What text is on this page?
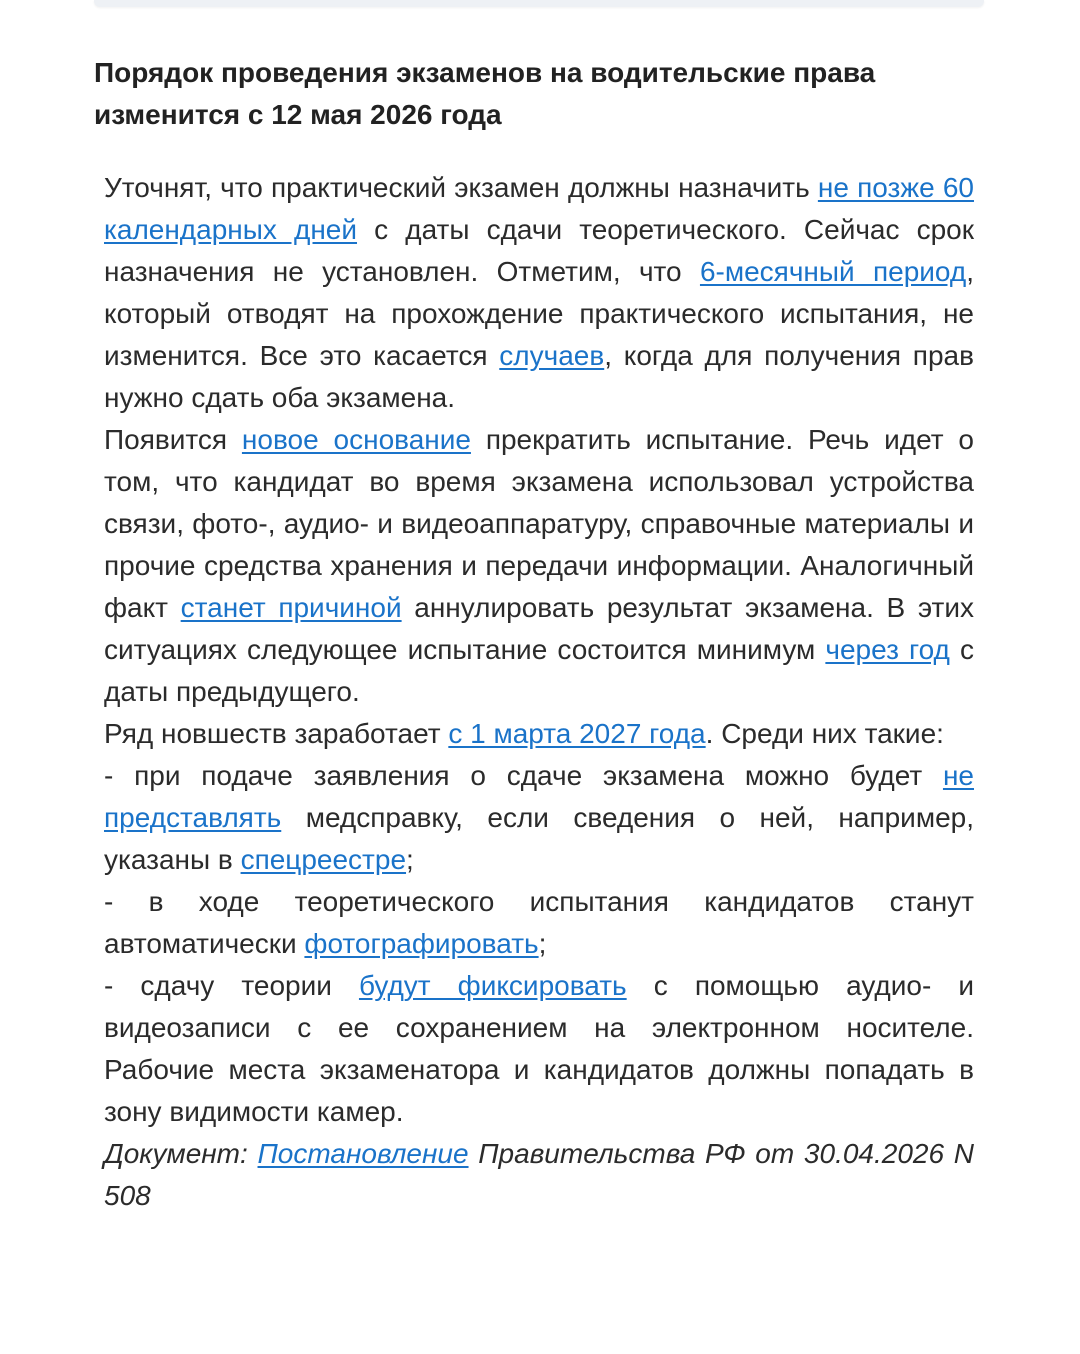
Порядок проведения экзаменов на водительские права изменится с 12 мая 2026 года

Уточнят, что практический экзамен должны назначить не позже 60 календарных дней с даты сдачи теоретического. Сейчас срок назначения не установлен. Отметим, что 6-месячный период, который отводят на прохождение практического испытания, не изменится. Все это касается случаев, когда для получения прав нужно сдать оба экзамена.

Появится новое основание прекратить испытание. Речь идет о том, что кандидат во время экзамена использовал устройства связи, фото-, аудио- и видеоаппаратуру, справочные материалы и прочие средства хранения и передачи информации. Аналогичный факт станет причиной аннулировать результат экзамена. В этих ситуациях следующее испытание состоится минимум через год с даты предыдущего.

Ряд новшеств заработает с 1 марта 2027 года. Среди них такие:

- при подаче заявления о сдаче экзамена можно будет не представлять медсправку, если сведения о ней, например, указаны в спецреестре;

- в ходе теоретического испытания кандидатов станут автоматически фотографировать;

- сдачу теории будут фиксировать с помощью аудио- и видеозаписи с ее сохранением на электронном носителе. Рабочие места экзаменатора и кандидатов должны попадать в зону видимости камер.

Документ: Постановление Правительства РФ от 30.04.2026 N 508
